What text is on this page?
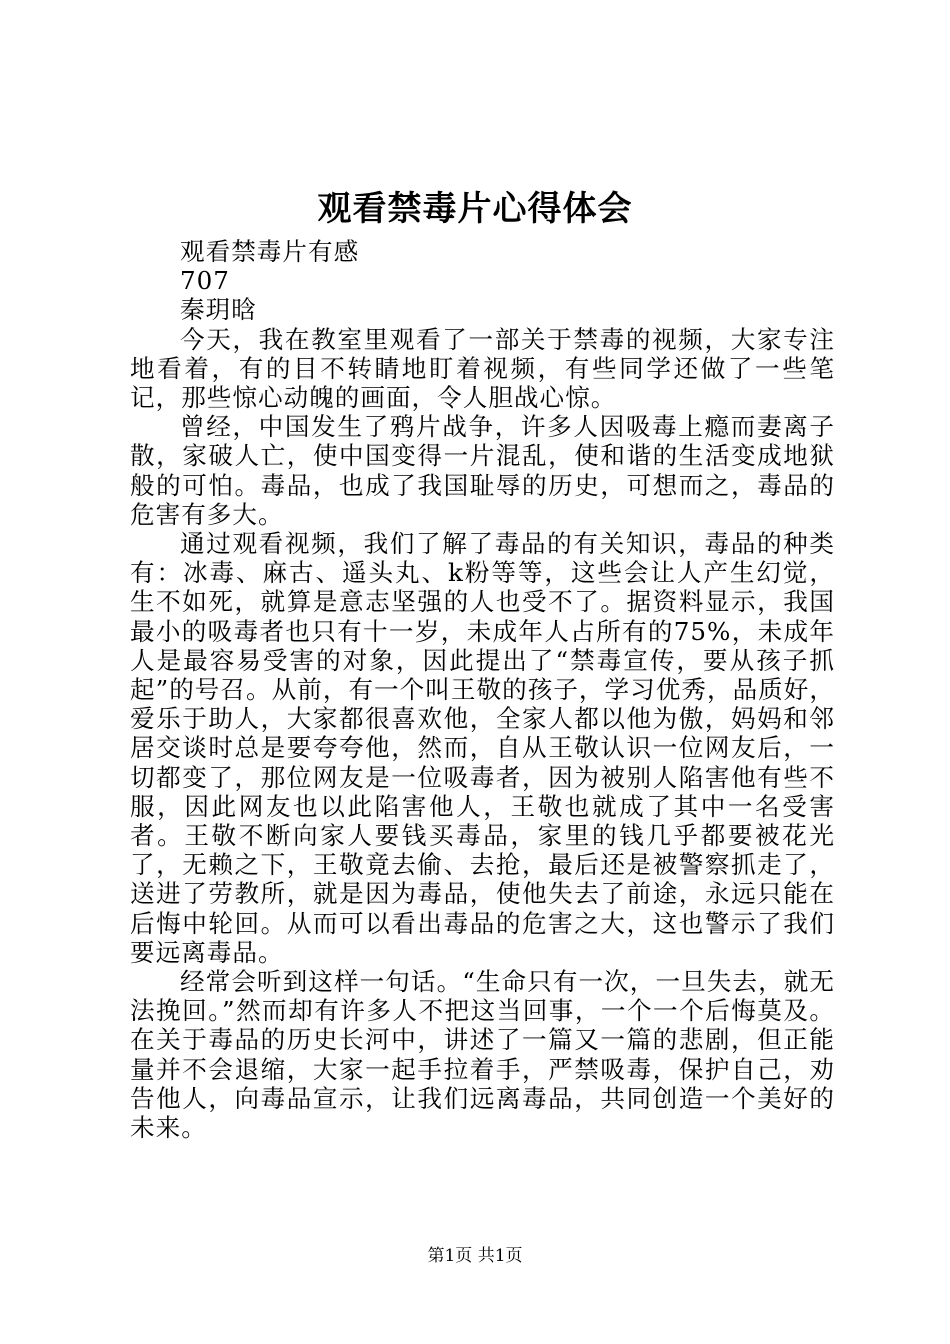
观看禁毒片心得体会

观看禁毒片有感

707

秦玥晗

今天，我在教室里观看了一部关于禁毒的视频，大家专注地看着，有的目不转睛地盯着视频，有些同学还做了一些笔记，那些惊心动魄的画面，令人胆战心惊。

曾经，中国发生了鸦片战争，许多人因吸毒上瘾而妻离子散，家破人亡，使中国变得一片混乱，使和谐的生活变成地狱般的可怕。毒品，也成了我国耻辱的历史，可想而之，毒品的危害有多大。

通过观看视频，我们了解了毒品的有关知识，毒品的种类有：冰毒、麻古、遥头丸、k粉等等，这些会让人产生幻觉，生不如死，就算是意志坚强的人也受不了。据资料显示，我国最小的吸毒者也只有十一岁，未成年人占所有的75%，未成年人是最容易受害的对象，因此提出了“禁毒宣传，要从孩子抓起”的号召。从前，有一个叫王敬的孩子，学习优秀，品质好，爱乐于助人，大家都很喜欢他，全家人都以他为傲，妈妈和邻居交谈时总是要夸夸他，然而，自从王敬认识一位网友后，一切都变了，那位网友是一位吸毒者，因为被别人陷害他有些不服，因此网友也以此陷害他人，王敬也就成了其中一名受害者。王敬不断向家人要钱买毒品，家里的钱几乎都要被花光了，无赖之下，王敬竟去偷、去抢，最后还是被警察抓走了，送进了劳教所，就是因为毒品，使他失去了前途，永远只能在后悔中轮回。从而可以看出毒品的危害之大，这也警示了我们要远离毒品。

经常会听到这样一句话。“生命只有一次，一旦失去，就无法挽回。”然而却有许多人不把这当回事，一个一个后悔莫及。在关于毒品的历史长河中，讲述了一篇又一篇的悲剧，但正能量并不会退缩，大家一起手拉着手，严禁吸毒，保护自己，劝告他人，向毒品宣示，让我们远离毒品，共同创造一个美好的未来。

第1页 共1页
